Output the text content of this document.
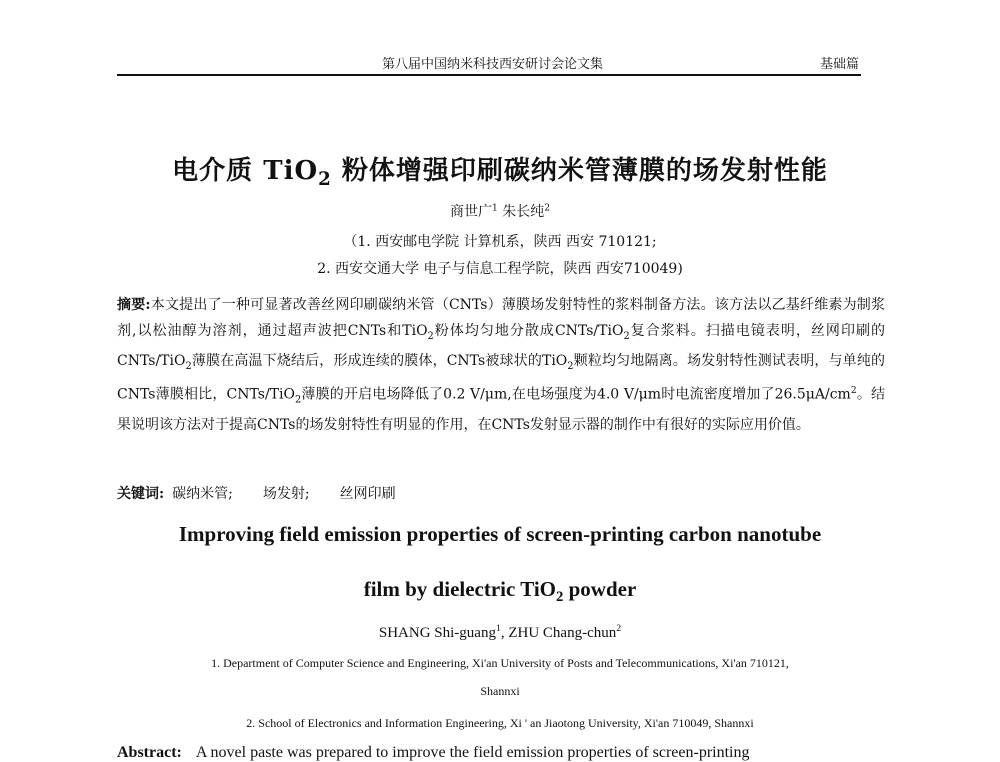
第八届中国纳米科技西安研讨会论文集	基础篇
电介质 TiO$_2$ 粉体增强印刷碳纳米管薄膜的场发射性能
商世广$^1$ 朱长纯$^2$
（1. 西安邮电学院 计算机系，陕西 西安 710121;
2. 西安交通大学 电子与信息工程学院，陕西 西安710049)
摘要:本文提出了一种可显著改善丝网印刷碳纳米管（CNTs）薄膜场发射特性的浆料制备方法。该方法以乙基纤维素为制浆剂,以松油醇为溶剂，通过超声波把CNTs和TiO$_2$粉体均匀地分散成CNTs/TiO$_2$复合浆料。扫描电镜表明，丝网印刷的CNTs/TiO$_2$薄膜在高温下烧结后，形成连续的膜体，CNTs被球状的TiO$_2$颗粒均匀地隔离。场发射特性测试表明，与单纯的CNTs薄膜相比，CNTs/TiO$_2$薄膜的开启电场降低了0.2 V/μm,在电场强度为4.0 V/μm时电流密度增加了$26.5\mu A/cm^2$。结果说明该方法对于提高CNTs的场发射特性有明显的作用，在CNTs发射显示器的制作中有很好的实际应用价值。
关键词: 碳纳米管; 场发射; 丝网印刷
Improving field emission properties of screen-printing carbon nanotube
film by dielectric TiO$_2$ powder
SHANG Shi-guang$^1$, ZHU Chang-chun$^2$
1. Department of Computer Science and Engineering, Xi'an University of Posts and Telecommunications, Xi'an 710121,
Shannxi
2. School of Electronics and Information Engineering, Xi ' an Jiaotong University, Xi'an 710049, Shannxi
Abstract: A novel paste was prepared to improve the field emission properties of screen-printing
